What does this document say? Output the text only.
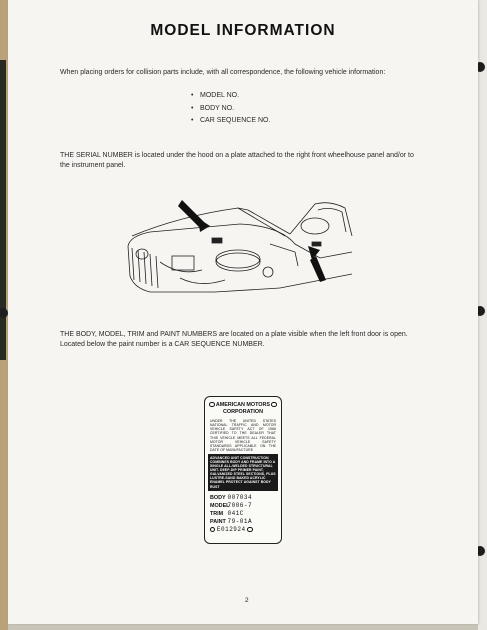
MODEL INFORMATION
When placing orders for collision parts include, with all correspondence, the following vehicle information:
• MODEL NO.
• BODY NO.
• CAR SEQUENCE NO.
THE SERIAL NUMBER is located under the hood on a plate attached to the right front wheelhouse panel and/or to the instrument panel.
THE BODY, MODEL, TRIM and PAINT NUMBERS are located on a plate visible when the left front door is open. Located below the paint number is a CAR SEQUENCE NUMBER.
AMERICAN MOTORS
CORPORATION
UNDER THE UNITED STATES NATIONAL TRAFFIC AND MOTOR VEHICLE SAFETY ACT OF 1966 CERTIFIED TO THE DEALER THAT THIS VEHICLE MEETS ALL FEDERAL MOTOR VEHICLE SAFETY STANDARDS APPLICABLE ON THE DATE OF MANUFACTURE
ADVANCED UNIT CONSTRUCTION COMBINES BODY AND FRAME INTO A SINGLE ALL-WELDED STRUCTURAL UNIT. DEEP-DIP PRIMER PAINT, GALVANIZED STEEL SECTIONS, PLUS LUSTRE-SAND BAKED ACRYLIC ENAMEL PROTECT AGAINST BODY RUST
BODY 007034
MODEL 7006-7
TRIM 041C
PAINT 79-01A
E012924
2
